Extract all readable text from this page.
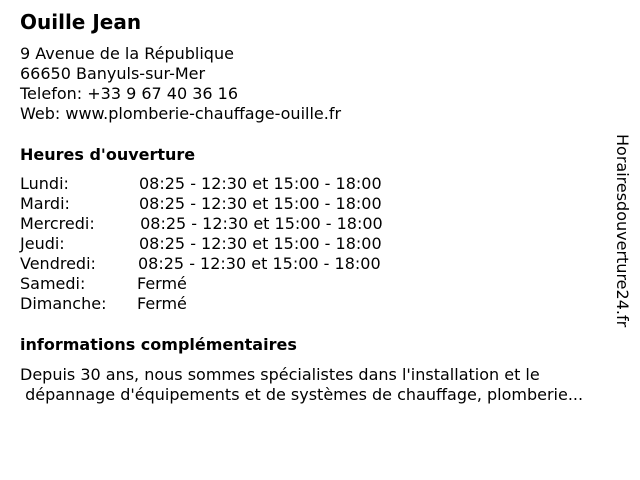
Ouille Jean
9 Avenue de la République
66650 Banyuls-sur-Mer
Telefon: +33 9 67 40 36 16
Web: www.plomberie-chauffage-ouille.fr
Heures d'ouverture
Lundi:	08:25 - 12:30 et 15:00 - 18:00
Mardi:	08:25 - 12:30 et 15:00 - 18:00
Mercredi:	08:25 - 12:30 et 15:00 - 18:00
Jeudi:	08:25 - 12:30 et 15:00 - 18:00
Vendredi:	08:25 - 12:30 et 15:00 - 18:00
Samedi:	Fermé
Dimanche: Fermé
informations complémentaires
Depuis 30 ans, nous sommes spécialistes dans l'installation et le
dépannage d'équipements et de systèmes de chauffage, plomberie...
Horairesdouverture24.fr
